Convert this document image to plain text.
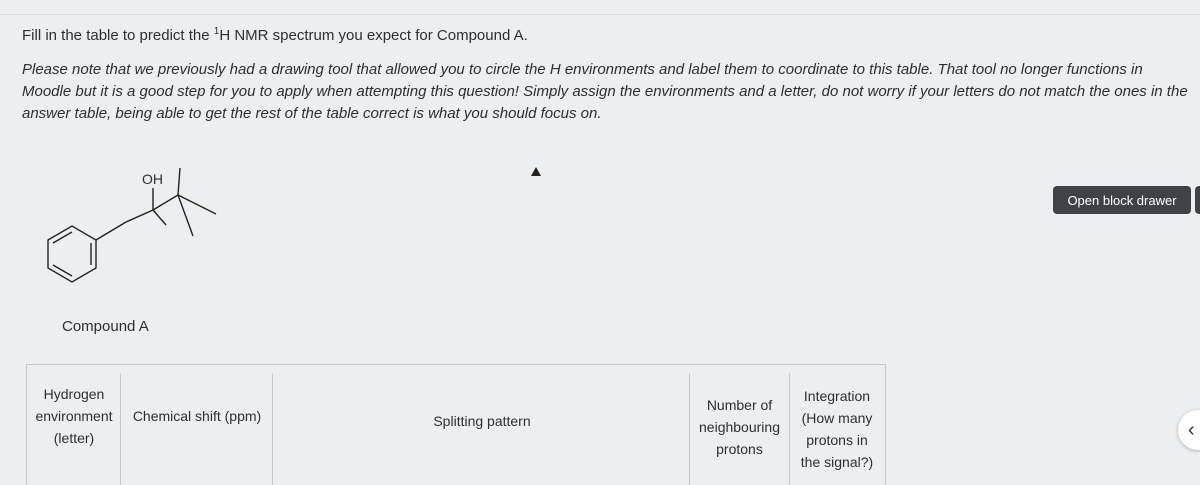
Fill in the table to predict the $^1$H NMR spectrum you expect for Compound A.
Please note that we previously had a drawing tool that allowed you to circle the H environments and label them to coordinate to this table. That tool no longer functions in Moodle but it is a good step for you to apply when attempting this question! Simply assign the environments and a letter, do not worry if your letters do not match the ones in the answer table, being able to get the rest of the table correct is what you should focus on.
OH
Compound A
Open block drawer
Hydrogen
environment
(letter)
Chemical shift (ppm)	Splitting pattern
Number of
neighbouring
protons
Integration
(How many
protons in
the signal?)
‹
